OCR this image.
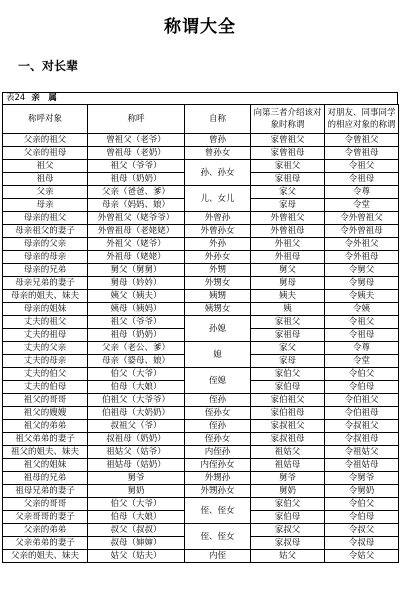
称谓大全
一、对长辈
表24 亲　属
称呼对象	称呼	自称	向第三者介绍该对象时称谓	对朋友、同事同学的相应对象的称谓
父亲的祖父	曾祖父（老爷）	曾孙	家曾祖父	令曾祖父
父亲的祖母	曾祖母（老奶）	曾孙女	家曾祖母	令曾祖母
祖父	祖父（爷爷）	孙、孙女	家祖父	令祖父
祖母	祖母（奶奶）		家祖母	令祖母
父亲	父亲（爸爸、爹）	儿、女儿	家父	令尊
母亲	母亲（妈妈、娘）		家母	令堂
母亲的祖父	外曾祖父（姥爷爷）	外曾孙	外曾祖父	令外曾祖父
母亲祖父的妻子	外曾祖母（老姥姥）	外曾孙女	外曾祖母	令外曾祖母
母亲的父亲	外祖父（姥爷）	外孙	外祖父	令外祖父
母亲的母亲	外祖母（姥姥）	外孙女	外祖母	令外祖母
母亲的兄弟	舅父（舅舅）	外甥	舅父	令舅父
母亲兄弟的妻子	舅母（妗妗）	外甥女	舅母	令舅母
母亲的姐夫、妹夫	姨父（姨夫）	姨甥	姨夫	令姨夫
母亲的姐妹	姨母（姨妈）	姨甥女	姨	令姨
丈夫的祖父	祖父（爷爷）	孙媳	家祖父	令祖父
丈夫的祖母	祖母（奶奶）		家祖母	令祖母
丈夫的父亲	父亲（老公、爹）	媳	家父	令尊
丈夫的母亲	母亲（婆母、娘）		家母	令堂
丈夫的伯父	伯父（大爷）	侄媳	家伯父	令伯父
丈夫的伯母	伯母（大娘）		家伯母	令伯母
祖父的哥哥	伯祖父（大爷爷）	侄孙	家伯祖父	令伯祖父
祖父的嫂嫂	伯祖母（大奶奶）	侄孙女	家伯祖母	令伯祖母
祖父的弟弟	叔祖父（爷）	侄孙	家叔祖父	令叔祖父
祖父弟弟的妻子	叔祖母（奶奶）	侄孙女	家叔祖母	令叔祖母
祖父的姐夫、妹夫	祖姑父（姑爷）	内侄孙	祖姑父	令祖姑父
祖父的姐妹	祖姑母（姑奶）	内侄孙女	祖姑母	令祖姑母
祖母的兄弟	舅爷	外甥孙	舅爷	令舅爷
祖母兄弟的妻子	舅奶	外甥孙女	舅奶	令舅奶
父亲的哥哥	伯父（大爷）	侄、侄女	家伯父	令伯父
父亲哥哥的妻子	伯母（大娘）		家伯母	令伯母
父亲的弟弟	叔父（叔叔）	侄、侄女	家叔父	令叔父
父亲弟弟的妻子	叔母（婶婶）		家叔母	令叔母
父亲的姐夫、妹夫	姑父（姑夫）	内侄	姑父	令姑父
